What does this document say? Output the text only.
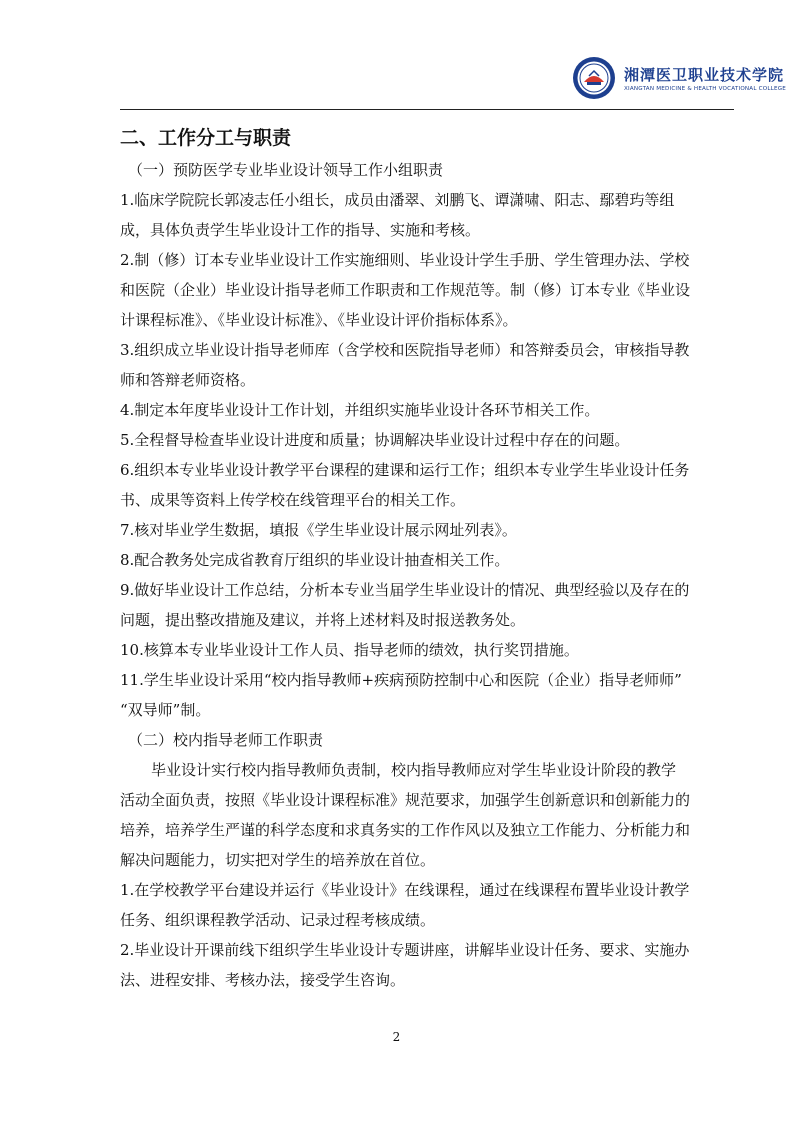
湘潭医卫职业技术学院
XIANGTAN MEDICINE & HEALTH VOCATIONAL COLLEGE
二、工作分工与职责

（一）预防医学专业毕业设计领导工作小组职责

1.临床学院院长郭凌志任小组长，成员由潘翠、刘鹏飞、谭潇啸、阳志、鄢碧玙等组成，具体负责学生毕业设计工作的指导、实施和考核。

2.制（修）订本专业毕业设计工作实施细则、毕业设计学生手册、学生管理办法、学校和医院（企业）毕业设计指导老师工作职责和工作规范等。制（修）订本专业《毕业设计课程标准》、《毕业设计标准》、《毕业设计评价指标体系》。

3.组织成立毕业设计指导老师库（含学校和医院指导老师）和答辩委员会，审核指导教师和答辩老师资格。

4.制定本年度毕业设计工作计划，并组织实施毕业设计各环节相关工作。

5.全程督导检查毕业设计进度和质量；协调解决毕业设计过程中存在的问题。

6.组织本专业毕业设计教学平台课程的建课和运行工作；组织本专业学生毕业设计任务书、成果等资料上传学校在线管理平台的相关工作。

7.核对毕业学生数据，填报《学生毕业设计展示网址列表》。

8.配合教务处完成省教育厅组织的毕业设计抽查相关工作。

9.做好毕业设计工作总结，分析本专业当届学生毕业设计的情况、典型经验以及存在的问题，提出整改措施及建议，并将上述材料及时报送教务处。

10.核算本专业毕业设计工作人员、指导老师的绩效，执行奖罚措施。

11.学生毕业设计采用“校内指导教师+疾病预防控制中心和医院（企业）指导老师师” “双导师”制。

（二）校内指导老师工作职责

毕业设计实行校内指导教师负责制，校内指导教师应对学生毕业设计阶段的教学活动全面负责，按照《毕业设计课程标准》规范要求，加强学生创新意识和创新能力的培养，培养学生严谨的科学态度和求真务实的工作作风以及独立工作能力、分析能力和解决问题能力，切实把对学生的培养放在首位。

1.在学校教学平台建设并运行《毕业设计》在线课程，通过在线课程布置毕业设计教学任务、组织课程教学活动、记录过程考核成绩。

2.毕业设计开课前线下组织学生毕业设计专题讲座，讲解毕业设计任务、要求、实施办法、进程安排、考核办法，接受学生咨询。

2
